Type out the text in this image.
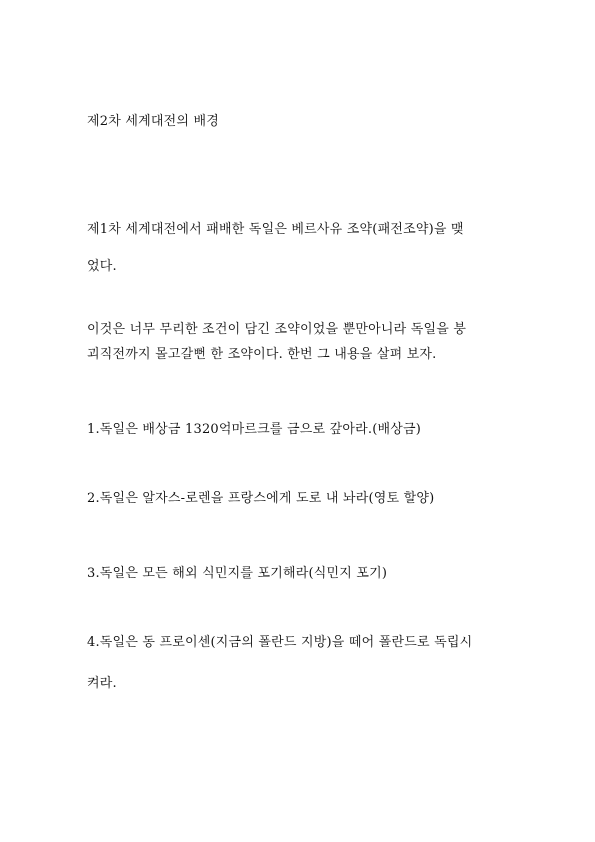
제2차 세계대전의 배경

제1차 세계대전에서 패배한 독일은 베르사유 조약(패전조약)을 맺

었다.

이것은 너무 무리한 조건이 담긴 조약이었을 뿐만아니라 독일을 붕

괴직전까지 몰고갈뻔 한 조약이다. 한번 그 내용을 살펴 보자.

1.독일은 배상금 1320억마르크를 금으로 갚아라.(배상금)

2.독일은 알자스-로렌을 프랑스에게 도로 내 놔라(영토 할양)

3.독일은 모든 해외 식민지를 포기해라(식민지 포기)

4.독일은 동 프로이센(지금의 폴란드 지방)을 떼어 폴란드로 독립시

켜라.
